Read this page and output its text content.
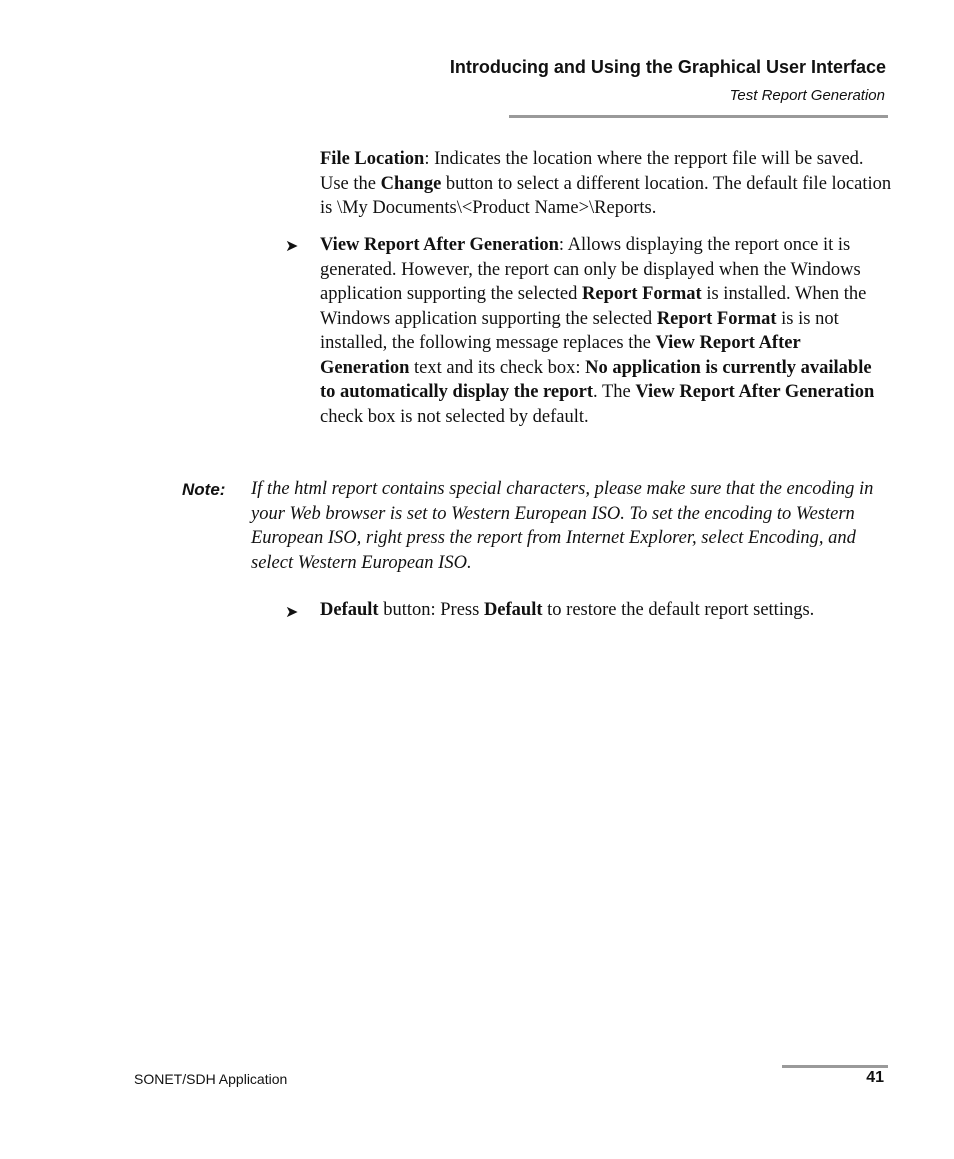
Introducing and Using the Graphical User Interface
Test Report Generation

File Location: Indicates the location where the repport file will be saved. Use the Change button to select a different location. The default file location is \My Documents\<Product Name>\Reports.

➤ View Report After Generation: Allows displaying the report once it is generated. However, the report can only be displayed when the Windows application supporting the selected Report Format is installed. When the Windows application supporting the selected Report Format is is not installed, the following message replaces the View Report After Generation text and its check box: No application is currently available to automatically display the report. The View Report After Generation check box is not selected by default.

Note: If the html report contains special characters, please make sure that the encoding in your Web browser is set to Western European ISO. To set the encoding to Western European ISO, right press the report from Internet Explorer, select Encoding, and select Western European ISO.

➤ Default button: Press Default to restore the default report settings.

SONET/SDH Application	41
